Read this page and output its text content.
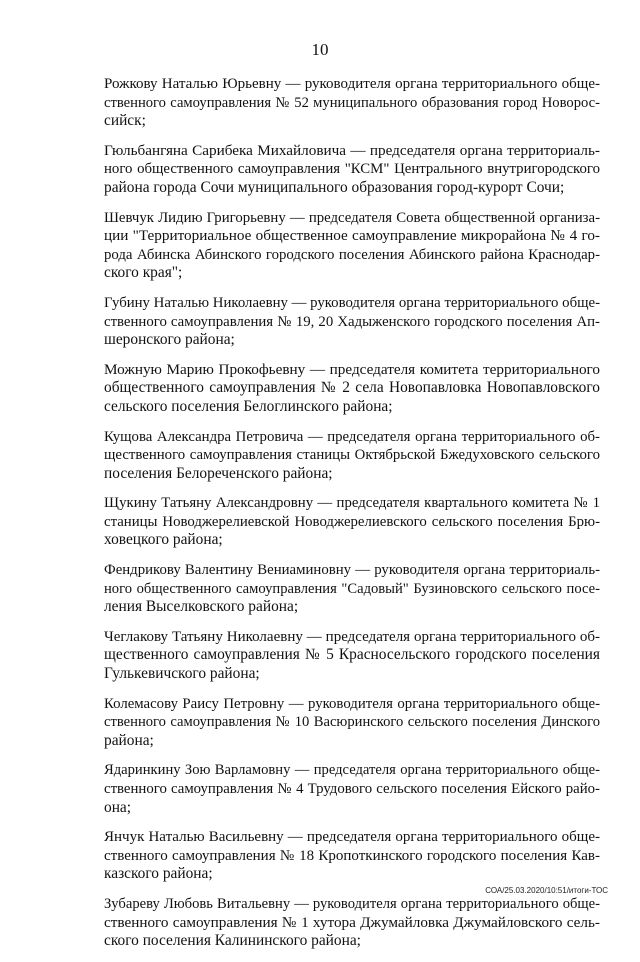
10
Рожкову Наталью Юрьевну — руководителя органа территориального обще-
ственного самоуправления № 52 муниципального образования город Новорос-
сийск;
Гюльбангяна Сарибека Михайловича — председателя органа территориаль-
ного общественного самоуправления "КСМ" Центрального внутригородского
района города Сочи муниципального образования город-курорт Сочи;
Шевчук Лидию Григорьевну — председателя Совета общественной организа-
ции "Территориальное общественное самоуправление микрорайона № 4 го-
рода Абинска Абинского городского поселения Абинского района Краснодар-
ского края";
Губину Наталью Николаевну — руководителя органа территориального обще-
ственного самоуправления № 19, 20 Хадыженского городского поселения Ап-
шеронского района;
Можную Марию Прокофьевну — председателя комитета территориального
общественного самоуправления № 2 села Новопавловка Новопавловского
сельского поселения Белоглинского района;
Кущова Александра Петровича — председателя органа территориального об-
щественного самоуправления станицы Октябрьской Бжедуховского сельского
поселения Белореченского района;
Щукину Татьяну Александровну — председателя квартального комитета № 1
станицы Новоджерелиевской Новоджерелиевского сельского поселения Брю-
ховецкого района;
Фендрикову Валентину Вениаминовну — руководителя органа территориаль-
ного общественного самоуправления "Садовый" Бузиновского сельского посе-
ления Выселковского района;
Чеглакову Татьяну Николаевну — председателя органа территориального об-
щественного самоуправления № 5 Красносельского городского поселения
Гулькевичского района;
Колемасову Раису Петровну — руководителя органа территориального обще-
ственного самоуправления № 10 Васюринского сельского поселения Динского
района;
Ядаринкину Зою Варламовну — председателя органа территориального обще-
ственного самоуправления № 4 Трудового сельского поселения Ейского райо-
она;
Янчук Наталью Васильевну — председателя органа территориального обще-
ственного самоуправления № 18 Кропоткинского городского поселения Кав-
казского района;
Зубареву Любовь Витальевну — руководителя органа территориального обще-
ственного самоуправления № 1 хутора Джумайловка Джумайловского сель-
ского поселения Калининского района;
СОА/25.03.2020/10:51/итоги-ТОС
